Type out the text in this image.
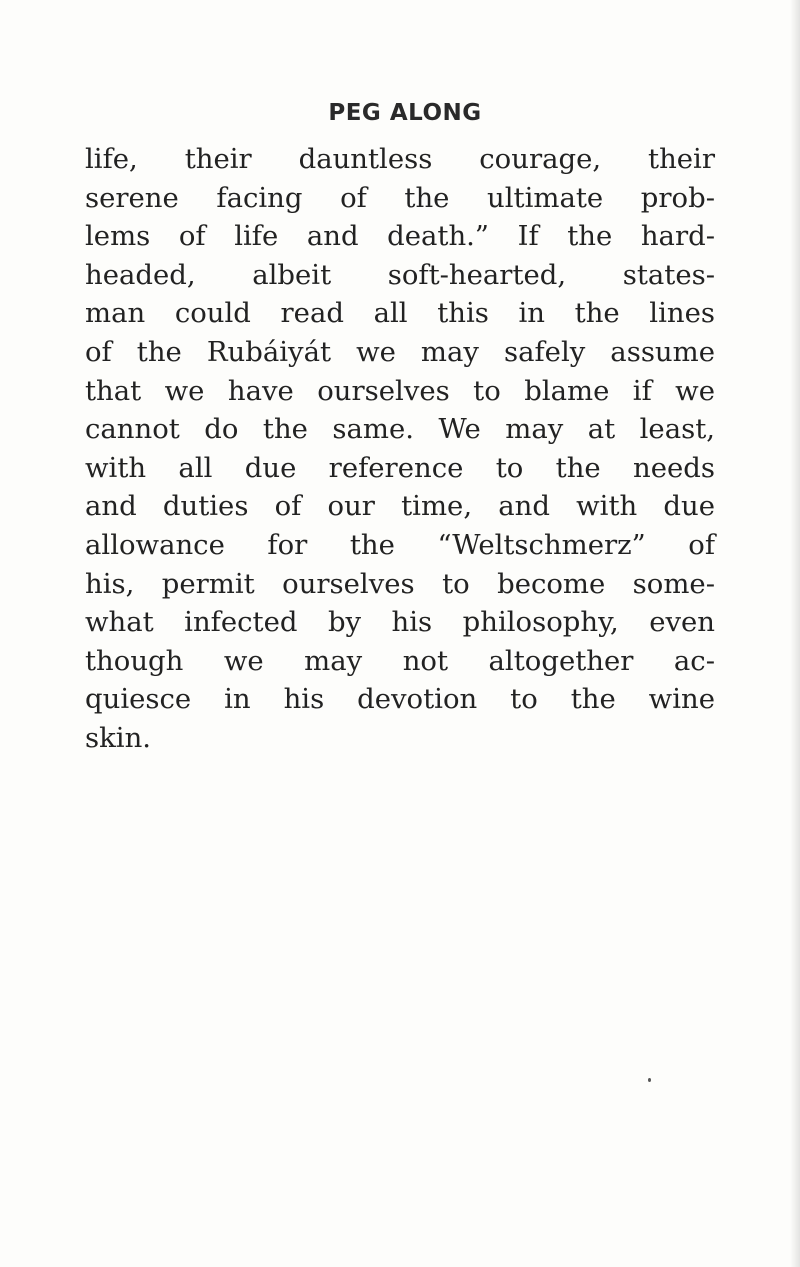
PEG ALONG
life, their dauntless courage, their
serene facing of the ultimate prob-
lems of life and death.” If the hard-
headed, albeit soft-hearted, states-
man could read all this in the lines
of the Rubáiyát we may safely assume
that we have ourselves to blame if we
cannot do the same. We may at least,
with all due reference to the needs
and duties of our time, and with due
allowance for the “Weltschmerz” of
his, permit ourselves to become some-
what infected by his philosophy, even
though we may not altogether ac-
quiesce in his devotion to the wine
skin.
